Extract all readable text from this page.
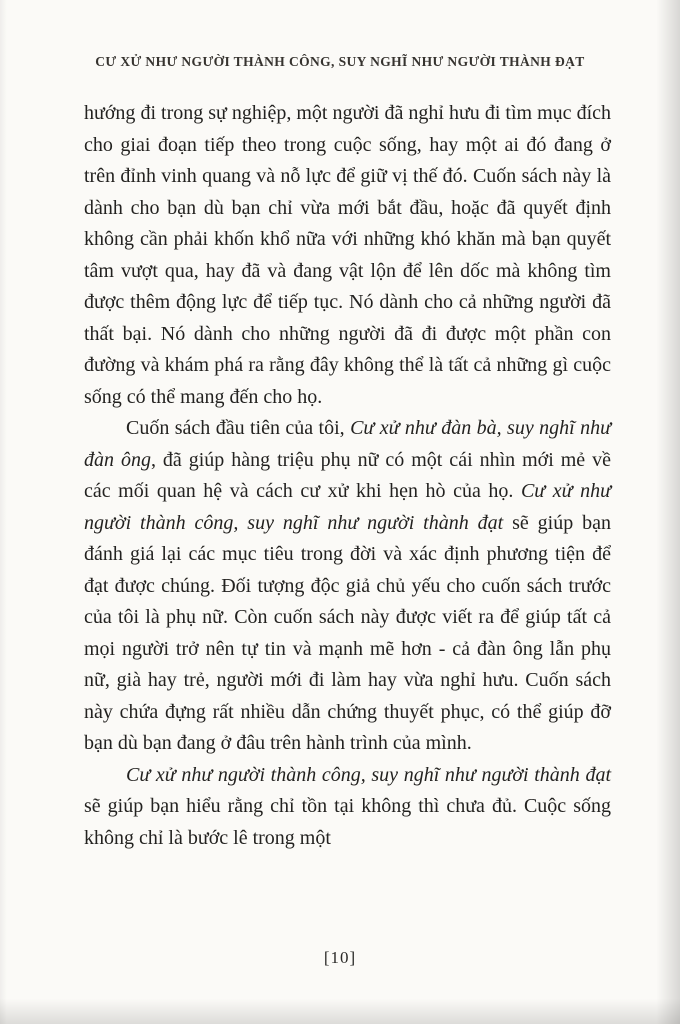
CƯ XỬ NHƯ NGƯỜI THÀNH CÔNG, SUY NGHĨ NHƯ NGƯỜI THÀNH ĐẠT

hướng đi trong sự nghiệp, một người đã nghỉ hưu đi tìm mục đích cho giai đoạn tiếp theo trong cuộc sống, hay một ai đó đang ở trên đỉnh vinh quang và nỗ lực để giữ vị thế đó. Cuốn sách này là dành cho bạn dù bạn chỉ vừa mới bắt đầu, hoặc đã quyết định không cần phải khốn khổ nữa với những khó khăn mà bạn quyết tâm vượt qua, hay đã và đang vật lộn để lên dốc mà không tìm được thêm động lực để tiếp tục. Nó dành cho cả những người đã thất bại. Nó dành cho những người đã đi được một phần con đường và khám phá ra rằng đây không thể là tất cả những gì cuộc sống có thể mang đến cho họ.

Cuốn sách đầu tiên của tôi, Cư xử như đàn bà, suy nghĩ như đàn ông, đã giúp hàng triệu phụ nữ có một cái nhìn mới mẻ về các mối quan hệ và cách cư xử khi hẹn hò của họ. Cư xử như người thành công, suy nghĩ như người thành đạt sẽ giúp bạn đánh giá lại các mục tiêu trong đời và xác định phương tiện để đạt được chúng. Đối tượng độc giả chủ yếu cho cuốn sách trước của tôi là phụ nữ. Còn cuốn sách này được viết ra để giúp tất cả mọi người trở nên tự tin và mạnh mẽ hơn - cả đàn ông lẫn phụ nữ, già hay trẻ, người mới đi làm hay vừa nghỉ hưu. Cuốn sách này chứa đựng rất nhiều dẫn chứng thuyết phục, có thể giúp đỡ bạn dù bạn đang ở đâu trên hành trình của mình.

Cư xử như người thành công, suy nghĩ như người thành đạt sẽ giúp bạn hiểu rằng chỉ tồn tại không thì chưa đủ. Cuộc sống không chỉ là bước lê trong một

[10]
